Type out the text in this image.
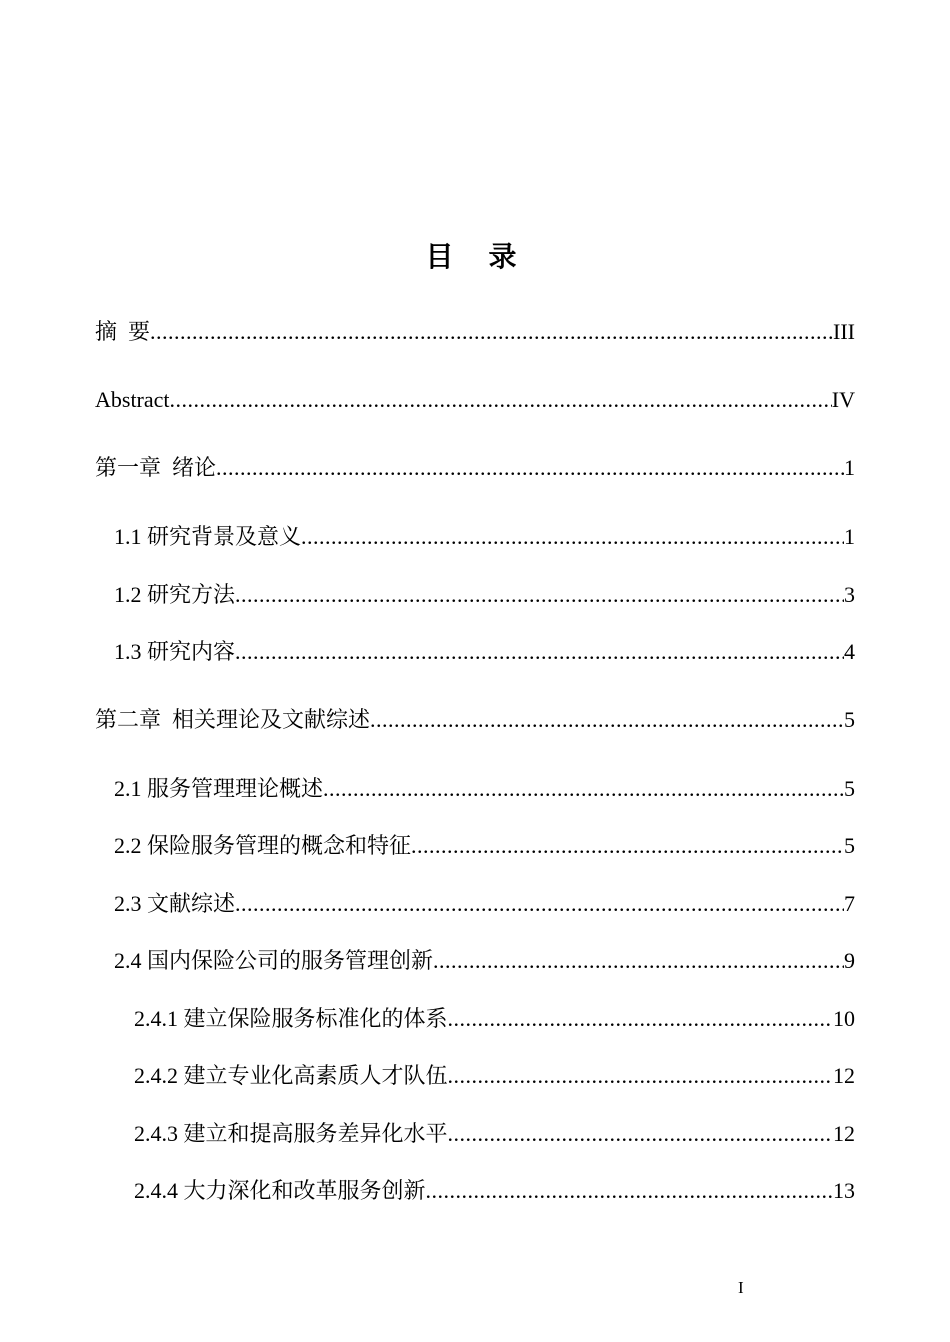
目 录
摘  要 .....	III
Abstract .....	IV
第一章  绪论 .....	1
1.1 研究背景及意义 .....	1
1.2 研究方法 .....	3
1.3 研究内容 .....	4
第二章  相关理论及文献综述 .....	5
2.1 服务管理理论概述 .....	5
2.2 保险服务管理的概念和特征 .....	5
2.3 文献综述 .....	7
2.4 国内保险公司的服务管理创新 .....	9
2.4.1 建立保险服务标准化的体系 .....	10
2.4.2 建立专业化高素质人才队伍 .....	12
2.4.3 建立和提高服务差异化水平 .....	12
2.4.4 大力深化和改革服务创新 .....	13
I
